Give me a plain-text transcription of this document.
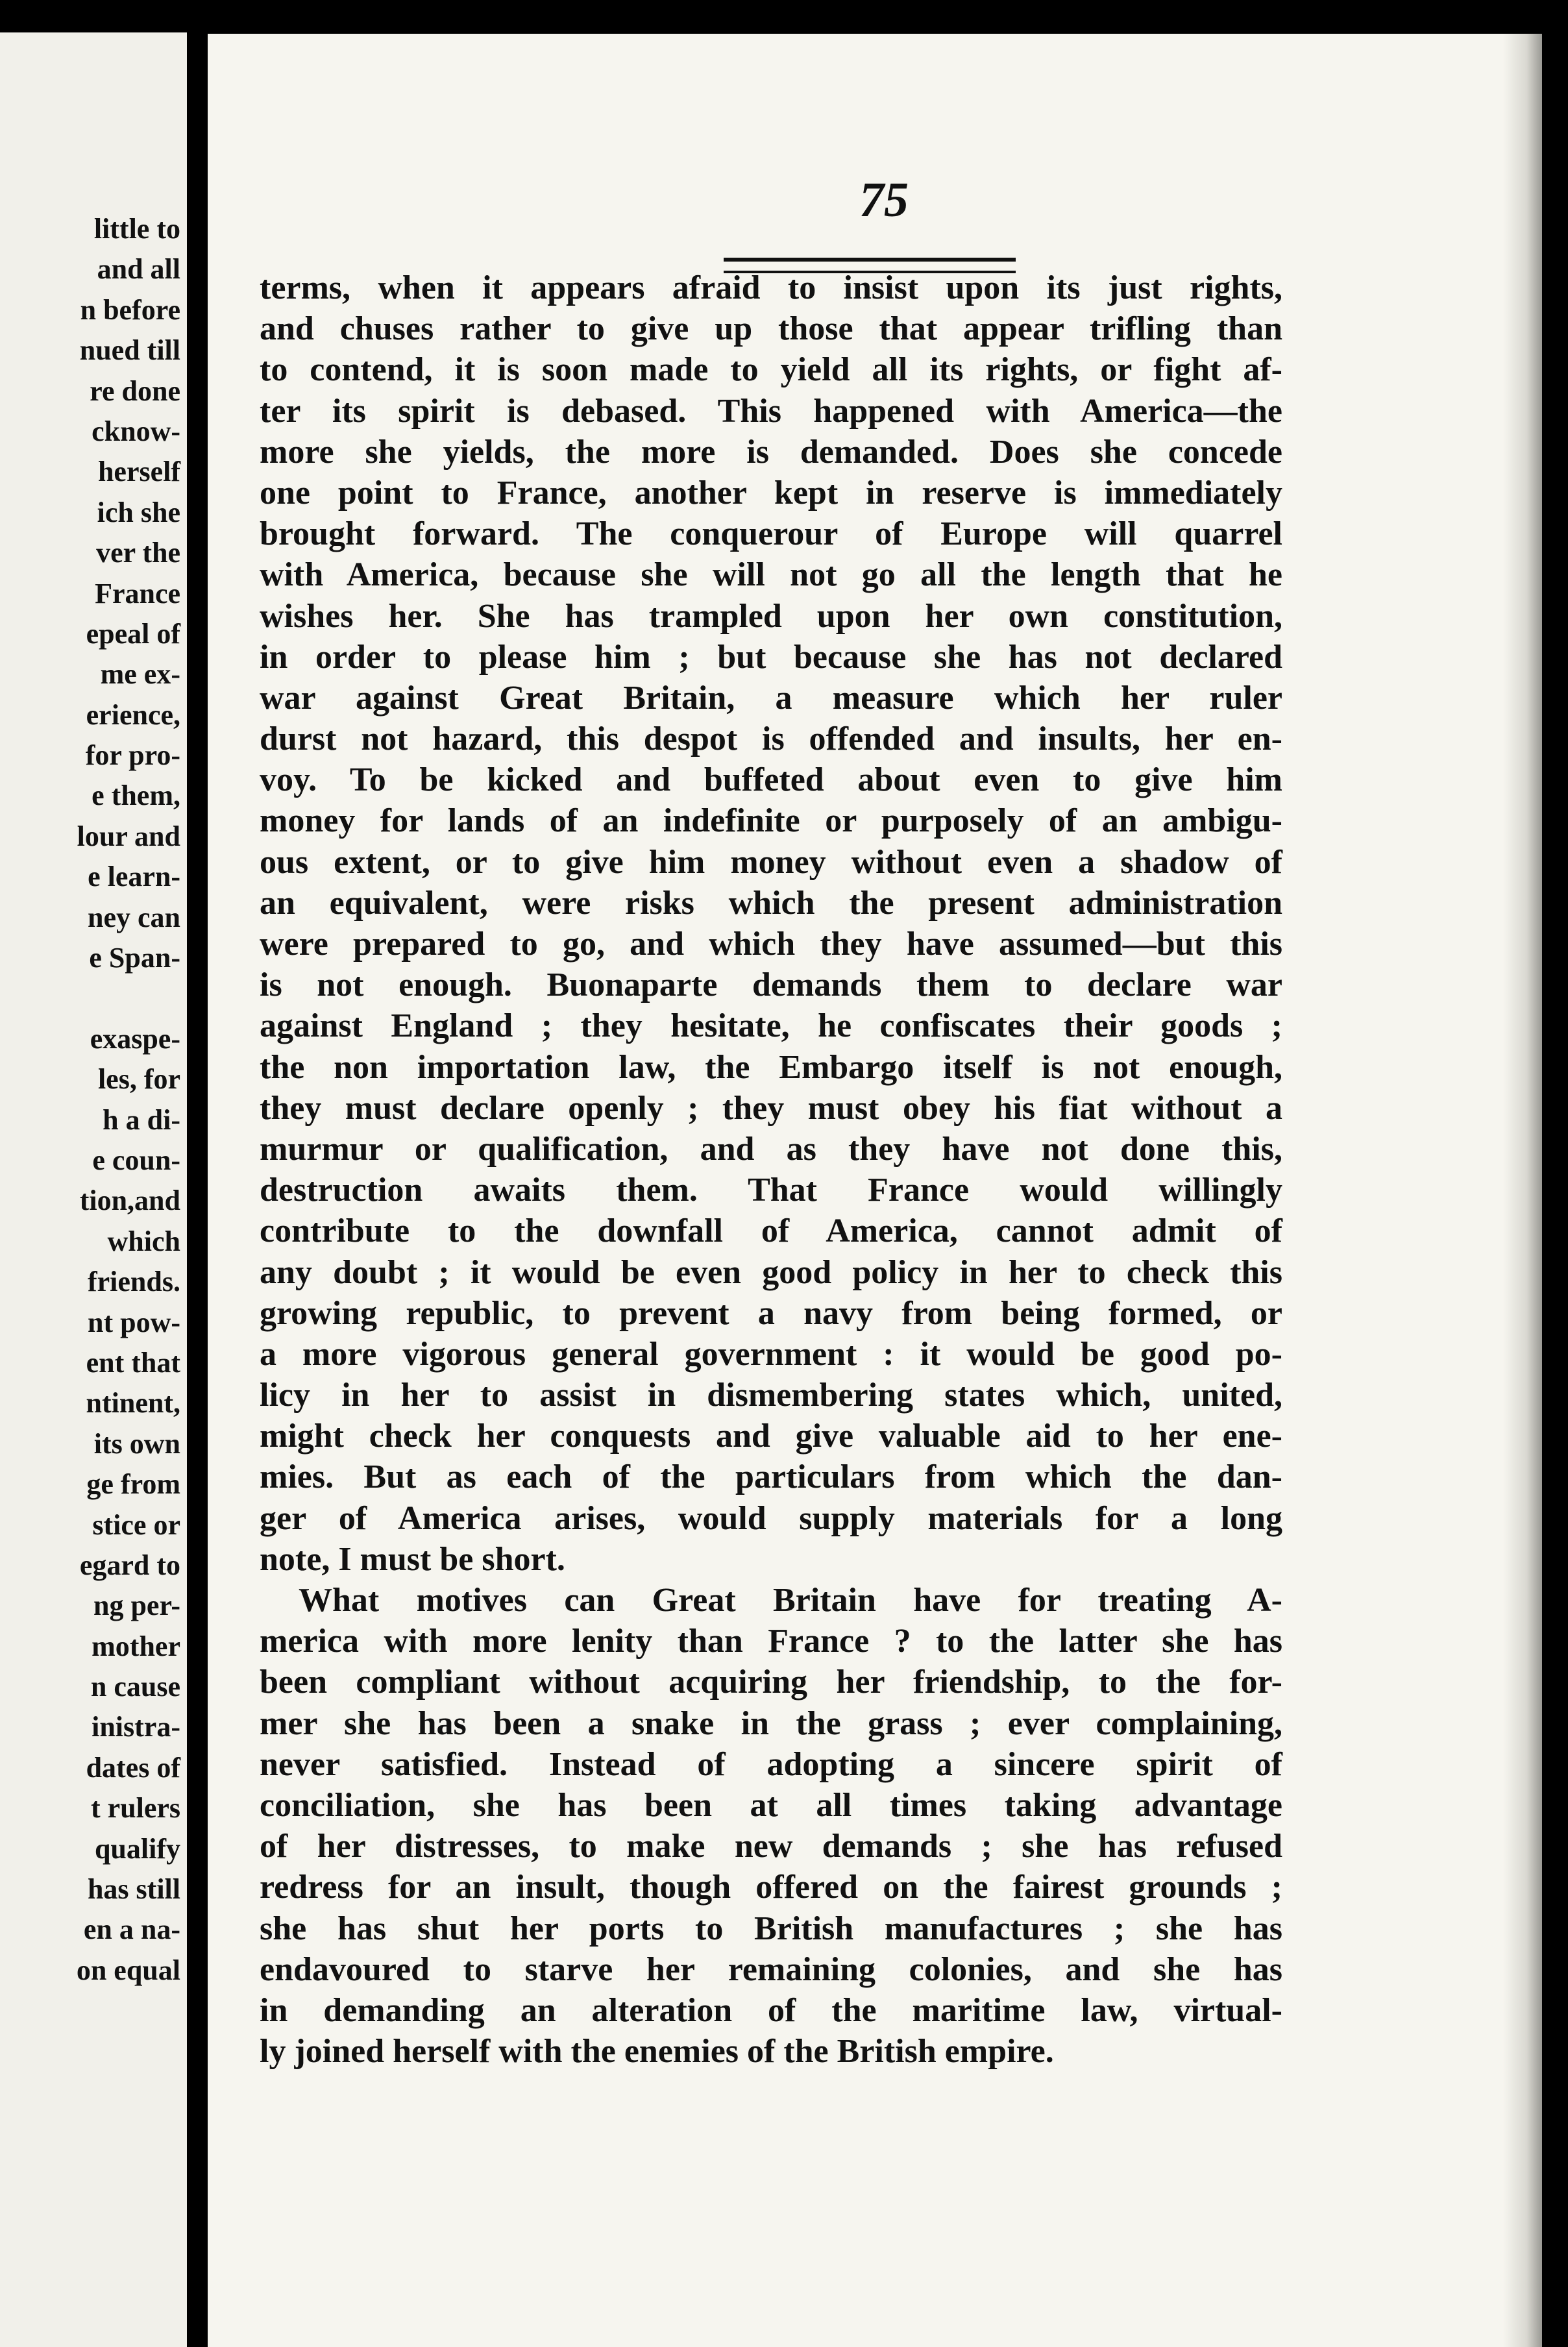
little to
and all
n before
nued till
re done
cknow-
herself
ich she
ver the
France
epeal of
me ex-
erience,
for pro-
e them,
lour and
e learn-
ney can
e Span-
exaspe-
les, for
h a di-
e coun-
tion,and
which
friends.
nt pow-
ent that
ntinent,
its own
ge from
stice or
egard to
ng per-
mother
n cause
inistra-
dates of
t rulers
qualify
has still
en a na-
on equal
75
terms, when it appears afraid to insist upon its just rights,
and chuses rather to give up those that appear trifling than
to contend, it is soon made to yield all its rights, or fight af-
ter its spirit is debased. This happened with America—the
more she yields, the more is demanded. Does she concede
one point to France, another kept in reserve is immediately
brought forward. The conquerour of Europe will quarrel
with America, because she will not go all the length that he
wishes her. She has trampled upon her own constitution,
in order to please him ; but because she has not declared
war against Great Britain, a measure which her ruler
durst not hazard, this despot is offended and insults, her en-
voy. To be kicked and buffeted about even to give him
money for lands of an indefinite or purposely of an ambigu-
ous extent, or to give him money without even a shadow of
an equivalent, were risks which the present administration
were prepared to go, and which they have assumed—but this
is not enough. Buonaparte demands them to declare war
against England ; they hesitate, he confiscates their goods ;
the non importation law, the Embargo itself is not enough,
they must declare openly ; they must obey his fiat without a
murmur or qualification, and as they have not done this,
destruction awaits them. That France would willingly
contribute to the downfall of America, cannot admit of
any doubt ; it would be even good policy in her to check this
growing republic, to prevent a navy from being formed, or
a more vigorous general government : it would be good po-
licy in her to assist in dismembering states which, united,
might check her conquests and give valuable aid to her ene-
mies. But as each of the particulars from which the dan-
ger of America arises, would supply materials for a long
note, I must be short.
What motives can Great Britain have for treating A-
merica with more lenity than France ? to the latter she has
been compliant without acquiring her friendship, to the for-
mer she has been a snake in the grass ; ever complaining,
never satisfied. Instead of adopting a sincere spirit of
conciliation, she has been at all times taking advantage
of her distresses, to make new demands ; she has refused
redress for an insult, though offered on the fairest grounds ;
she has shut her ports to British manufactures ; she has
endavoured to starve her remaining colonies, and she has
in demanding an alteration of the maritime law, virtual-
ly joined herself with the enemies of the British empire.
